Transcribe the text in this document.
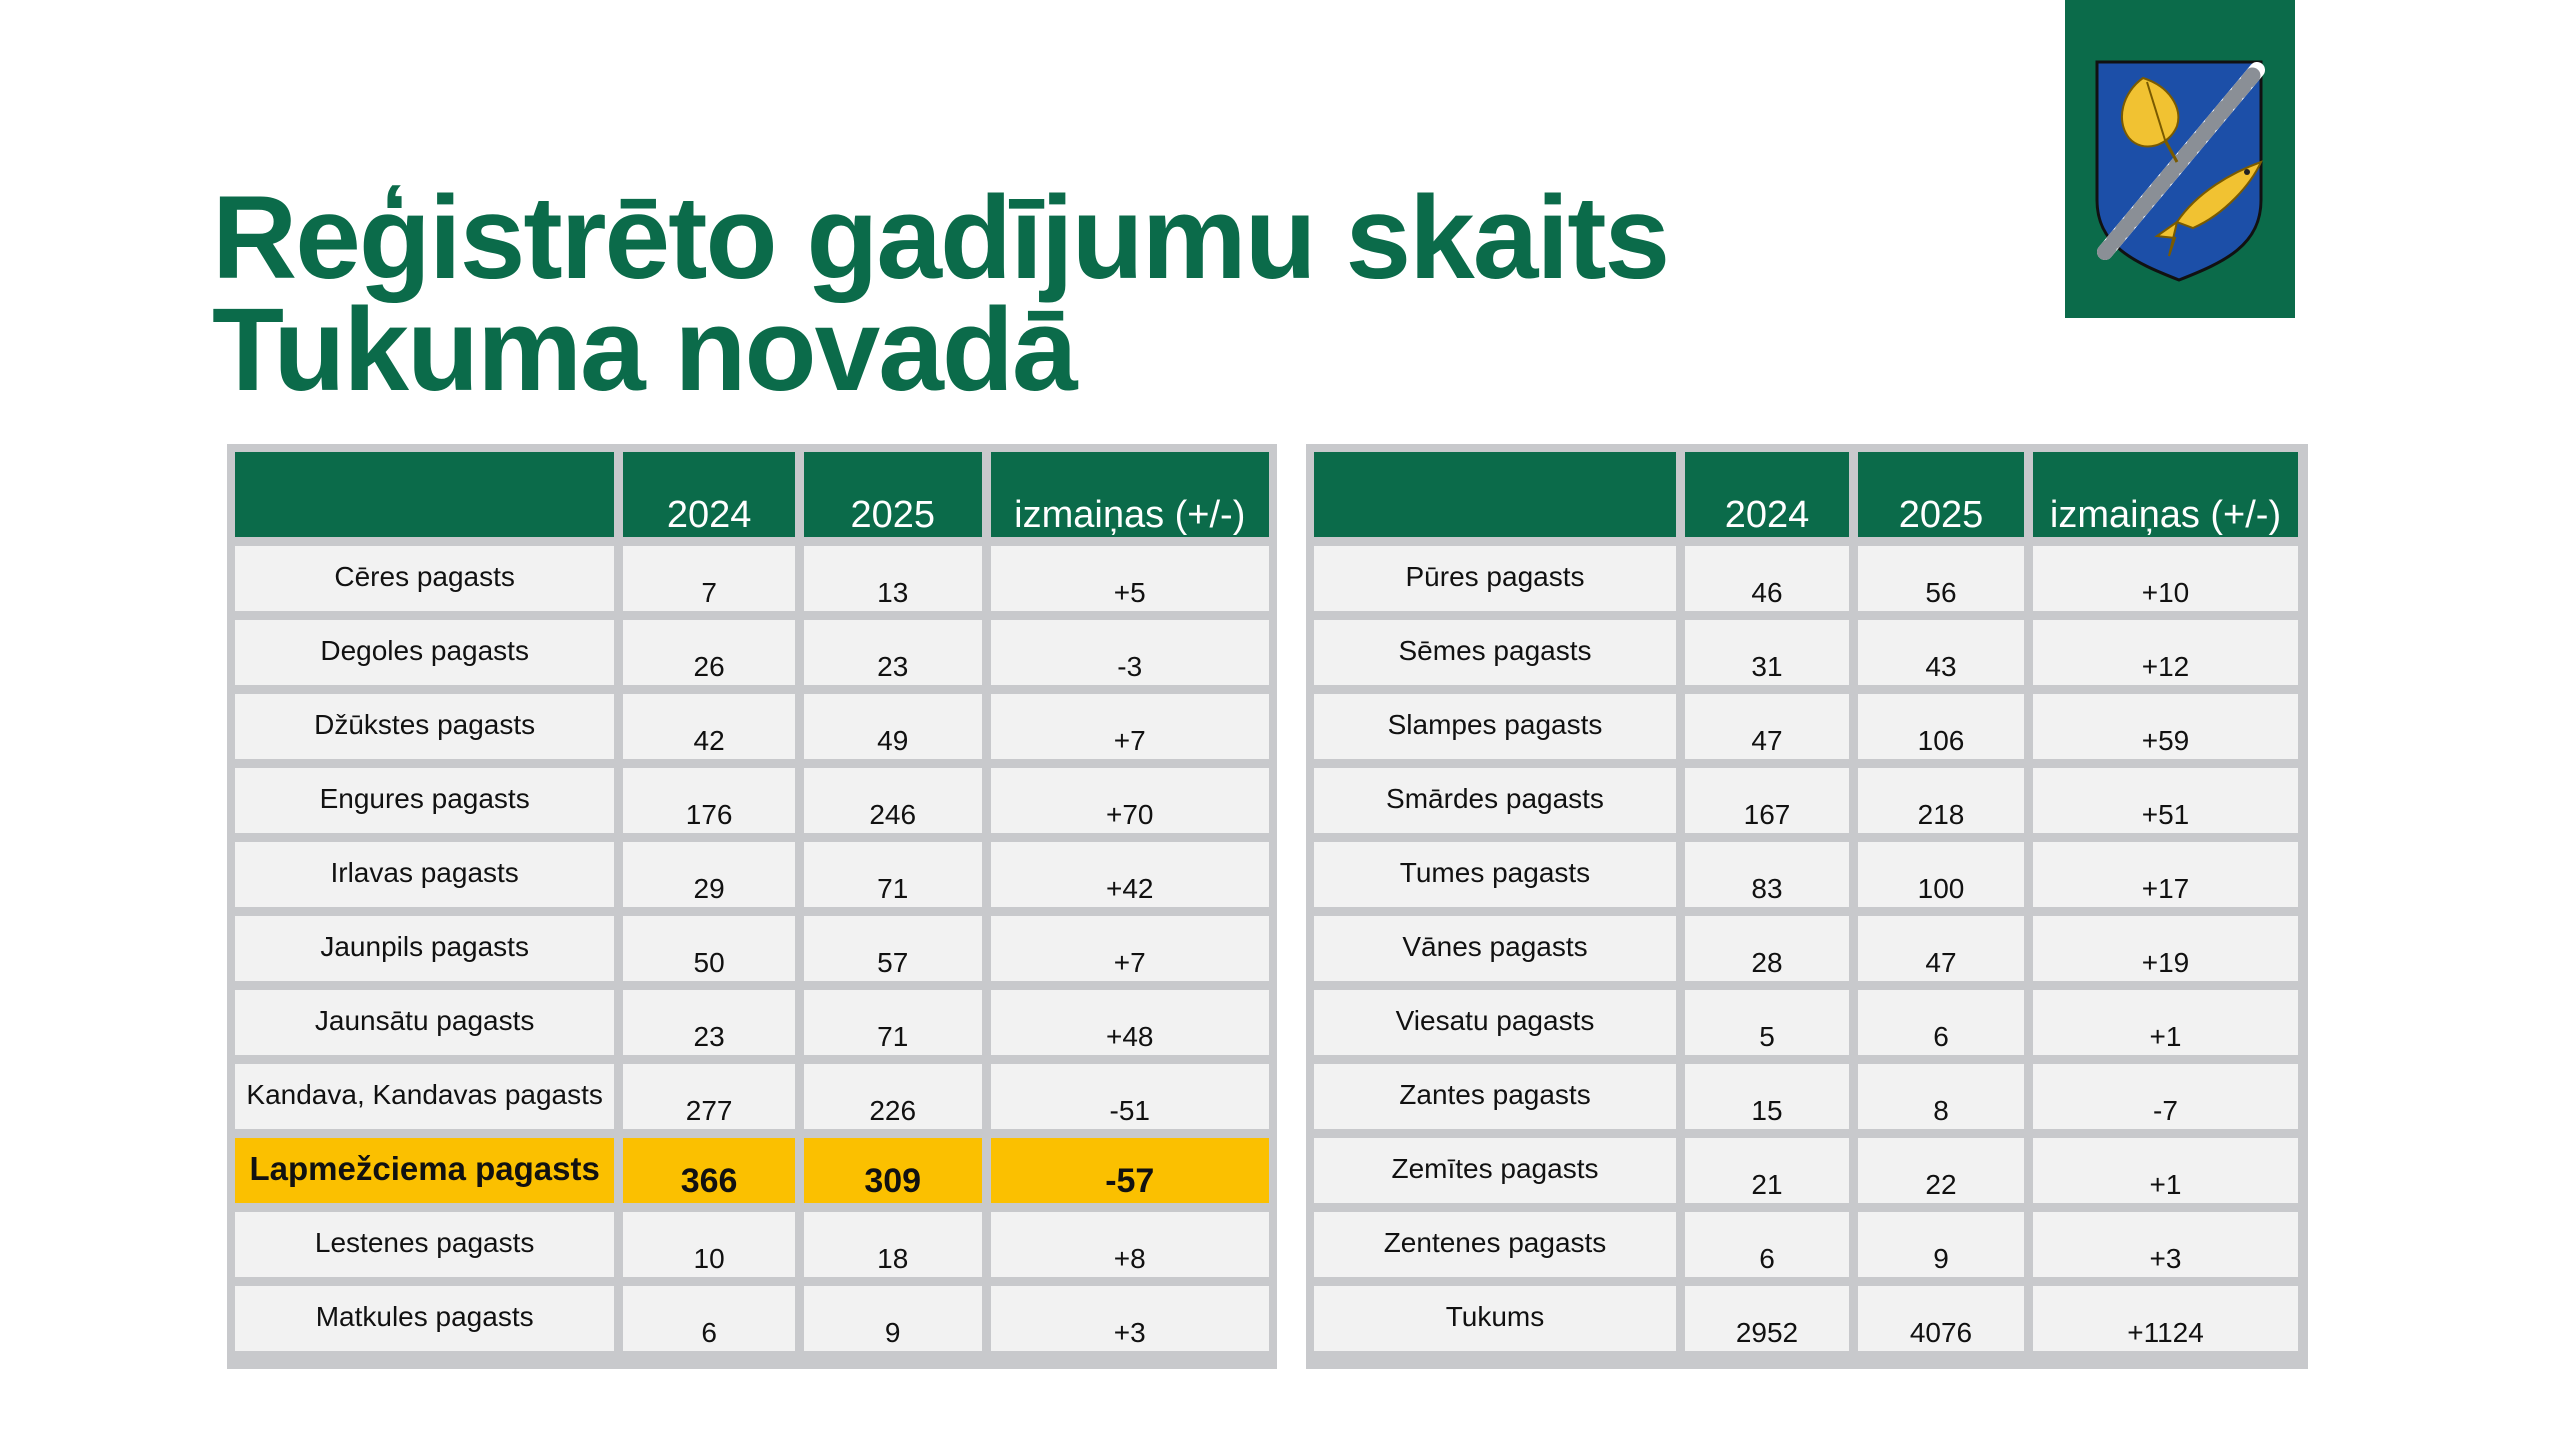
Reģistrēto gadījumu skaits
Tukuma novadā
	2024	2025	izmaiņas (+/-)
Cēres pagasts	7	13	+5
Degoles pagasts	26	23	-3
Džūkstes pagasts	42	49	+7
Engures pagasts	176	246	+70
Irlavas pagasts	29	71	+42
Jaunpils pagasts	50	57	+7
Jaunsātu pagasts	23	71	+48
Kandava, Kandavas pagasts	277	226	-51
Lapmežciema pagasts	366	309	-57
Lestenes pagasts	10	18	+8
Matkules pagasts	6	9	+3
	2024	2025	izmaiņas (+/-)
Pūres pagasts	46	56	+10
Sēmes pagasts	31	43	+12
Slampes pagasts	47	106	+59
Smārdes pagasts	167	218	+51
Tumes pagasts	83	100	+17
Vānes pagasts	28	47	+19
Viesatu pagasts	5	6	+1
Zantes pagasts	15	8	-7
Zemītes pagasts	21	22	+1
Zentenes pagasts	6	9	+3
Tukums	2952	4076	+1124
